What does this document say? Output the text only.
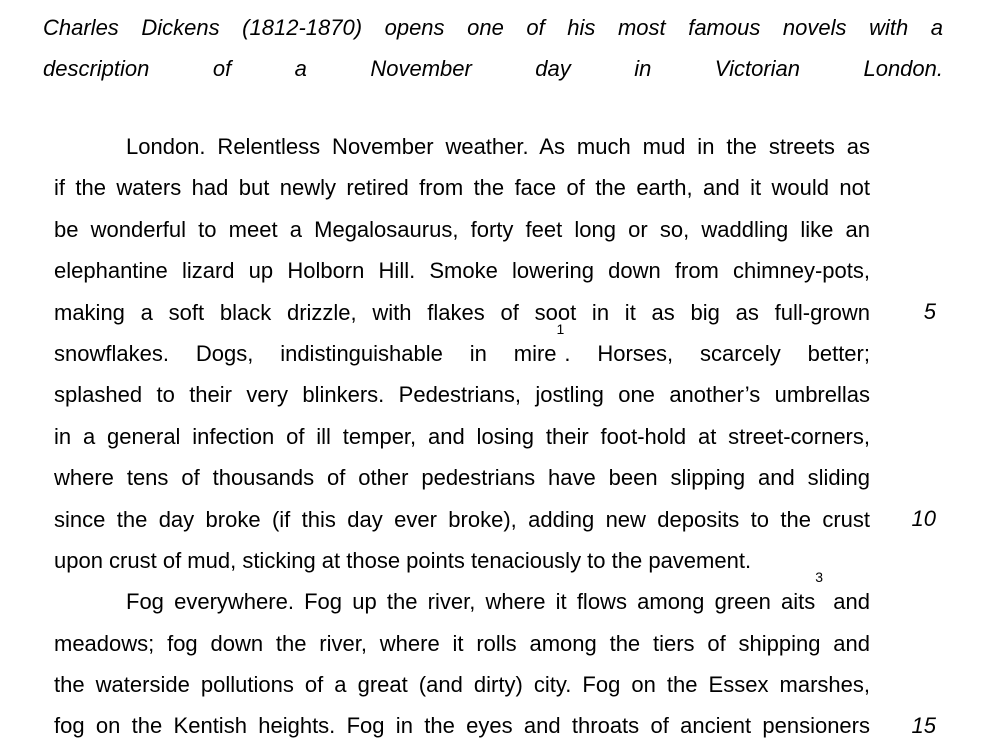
Charles Dickens (1812-1870) opens one of his most famous novels with a
description of a November day in Victorian London.
London. Relentless November weather. As much mud in the streets as
if the waters had but newly retired from the face of the earth, and it would not
be wonderful to meet a Megalosaurus, forty feet long or so, waddling like an
elephantine lizard up Holborn Hill. Smoke lowering down from chimney-pots,
making a soft black drizzle, with flakes of soot in it as big as full-grown
snowflakes. Dogs, indistinguishable in mire$^1$. Horses, scarcely better;
splashed to their very blinkers. Pedestrians, jostling one another’s umbrellas
in a general infection of ill temper, and losing their foot-hold at street-corners,
where tens of thousands of other pedestrians have been slipping and sliding
since the day broke (if this day ever broke), adding new deposits to the crust
upon crust of mud, sticking at those points tenaciously to the pavement.
Fog everywhere. Fog up the river, where it flows among green aits$^3$ and
meadows; fog down the river, where it rolls among the tiers of shipping and
the waterside pollutions of a great (and dirty) city. Fog on the Essex marshes,
fog on the Kentish heights. Fog in the eyes and throats of ancient pensioners
5
10
15
